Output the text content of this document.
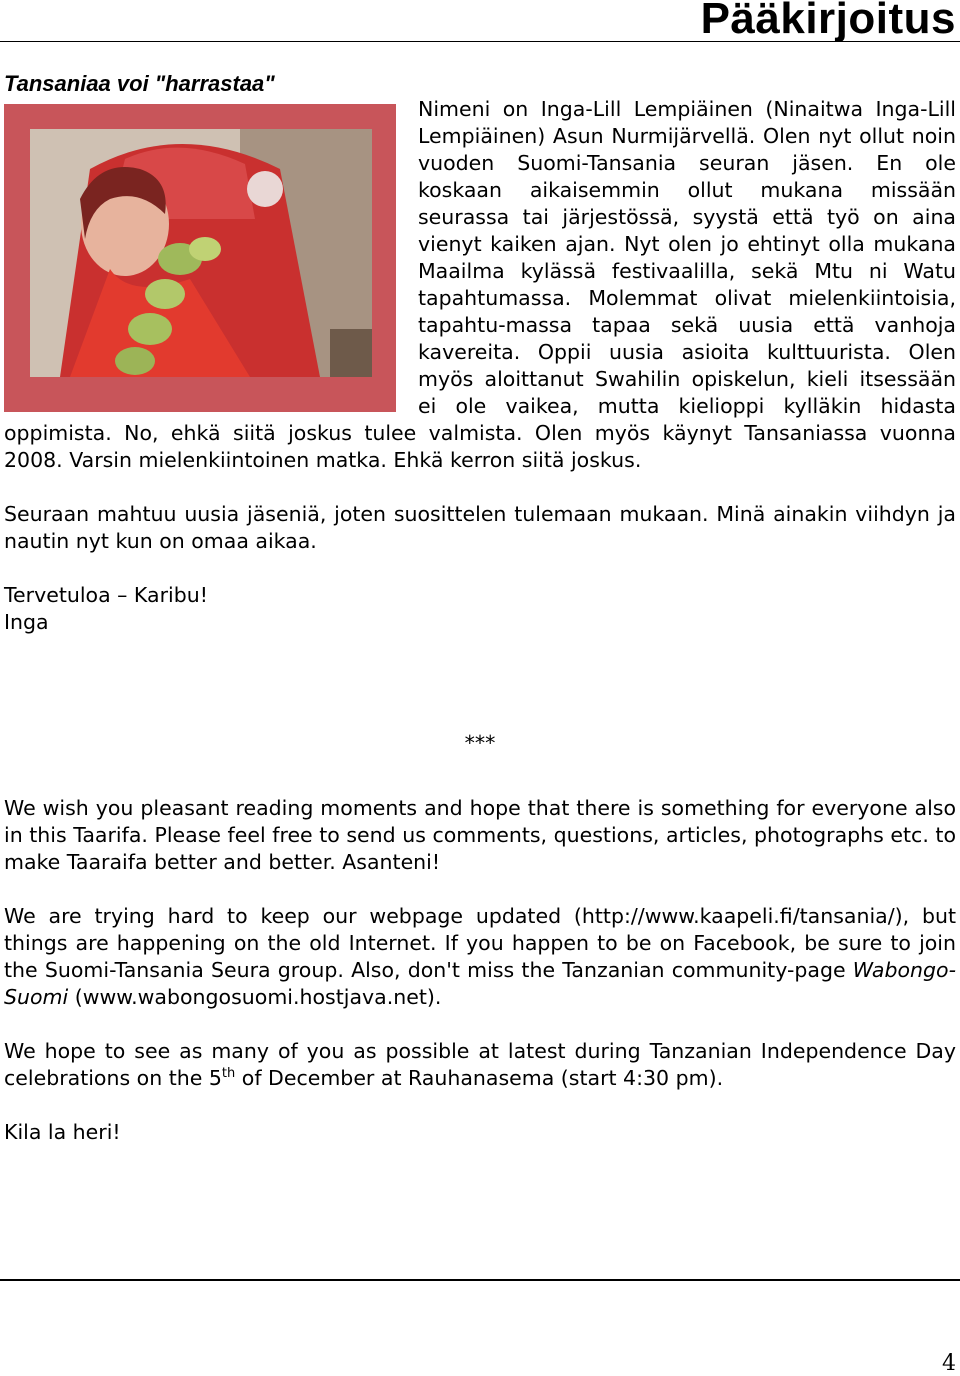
Pääkirjoitus
Tansaniaa voi "harrastaa"

Nimeni on Inga-Lill Lempiäinen (Ninaitwa Inga-Lill Lempiäinen) Asun Nurmijärvellä. Olen nyt ollut noin vuoden Suomi-Tansania seuran jäsen. En ole koskaan aikaisemmin ollut mukana missään seurassa tai järjestössä, syystä että työ on aina vienyt kaiken ajan. Nyt olen jo ehtinyt olla mukana Maailma kylässä festivaalilla, sekä Mtu ni Watu tapahtumassa. Molemmat olivat mielenkiintoisia, tapahtu-massa tapaa sekä uusia että vanhoja kavereita. Oppii uusia asioita kulttuurista. Olen myös aloittanut Swahilin opiskelun, kieli itsessään ei ole vaikea, mutta kielioppi kylläkin hidasta oppimista. No, ehkä siitä joskus tulee valmista. Olen myös käynyt Tansaniassa vuonna 2008. Varsin mielenkiintoinen matka. Ehkä kerron siitä joskus.

Seuraan mahtuu uusia jäseniä, joten suosittelen tulemaan mukaan. Minä ainakin viihdyn ja nautin nyt kun on omaa aikaa.

Tervetuloa – Karibu!

Inga

***

We wish you pleasant reading moments and hope that there is something for everyone also in this Taarifa. Please feel free to send us comments, questions, articles, photographs etc. to make Taaraifa better and better. Asanteni!

We are trying hard to keep our webpage updated (http://www.kaapeli.fi/tansania/), but things are happening on the old Internet. If you happen to be on Facebook, be sure to join the Suomi-Tansania Seura group. Also, don't miss the Tanzanian community-page Wabongo-Suomi (www.wabongosuomi.hostjava.net).

We hope to see as many of you as possible at latest during Tanzanian Independence Day celebrations on the 5th of December at Rauhanasema (start 4:30 pm).

Kila la heri!

4
